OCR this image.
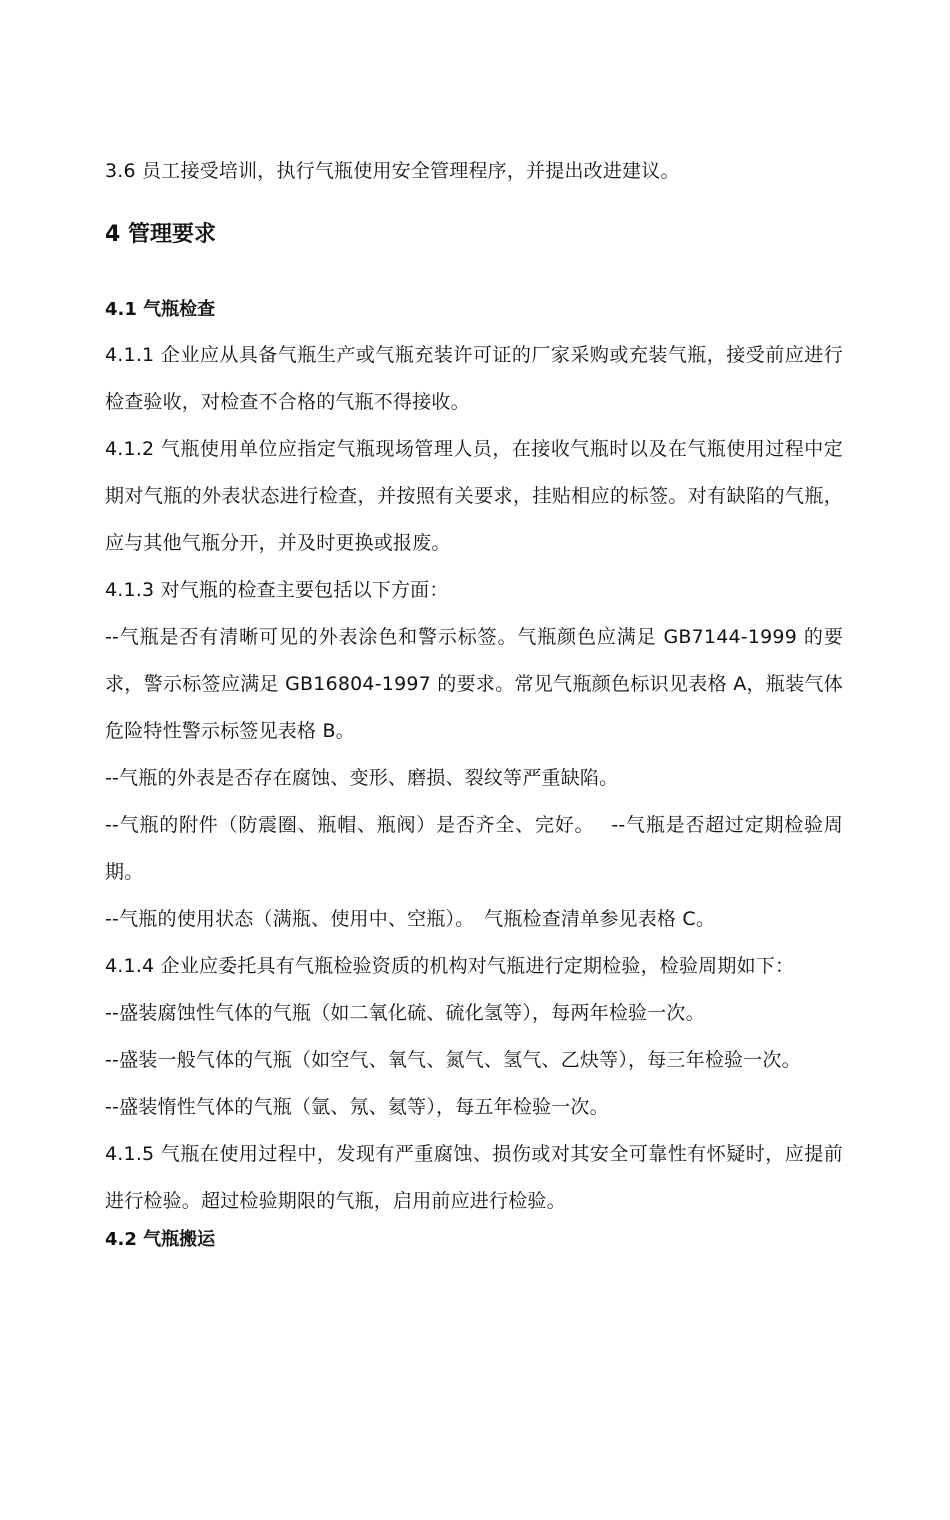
3.6 员工接受培训，执行气瓶使用安全管理程序，并提出改进建议。

4 管理要求
4.1 气瓶检查

4.1.1 企业应从具备气瓶生产或气瓶充装许可证的厂家采购或充装气瓶，接受前应进行检查验收，对检查不合格的气瓶不得接收。

4.1.2 气瓶使用单位应指定气瓶现场管理人员，在接收气瓶时以及在气瓶使用过程中定期对气瓶的外表状态进行检查，并按照有关要求，挂贴相应的标签。对有缺陷的气瓶，应与其他气瓶分开，并及时更换或报废。

4.1.3 对气瓶的检查主要包括以下方面：

--气瓶是否有清晰可见的外表涂色和警示标签。气瓶颜色应满足 GB7144-1999 的要求，警示标签应满足 GB16804-1997 的要求。常见气瓶颜色标识见表格 A，瓶装气体危险特性警示标签见表格 B。

--气瓶的外表是否存在腐蚀、变形、磨损、裂纹等严重缺陷。

--气瓶的附件（防震圈、瓶帽、瓶阀）是否齐全、完好。　 --气瓶是否超过定期检验周期。

--气瓶的使用状态（满瓶、使用中、空瓶）。　气瓶检查清单参见表格 C。

4.1.4 企业应委托具有气瓶检验资质的机构对气瓶进行定期检验，检验周期如下：

--盛装腐蚀性气体的气瓶（如二氧化硫、硫化氢等），每两年检验一次。

--盛装一般气体的气瓶（如空气、氧气、氮气、氢气、乙炔等），每三年检验一次。

--盛装惰性气体的气瓶（氩、氖、氦等），每五年检验一次。

4.1.5 气瓶在使用过程中，发现有严重腐蚀、损伤或对其安全可靠性有怀疑时，应提前进行检验。超过检验期限的气瓶，启用前应进行检验。

4.2 气瓶搬运
